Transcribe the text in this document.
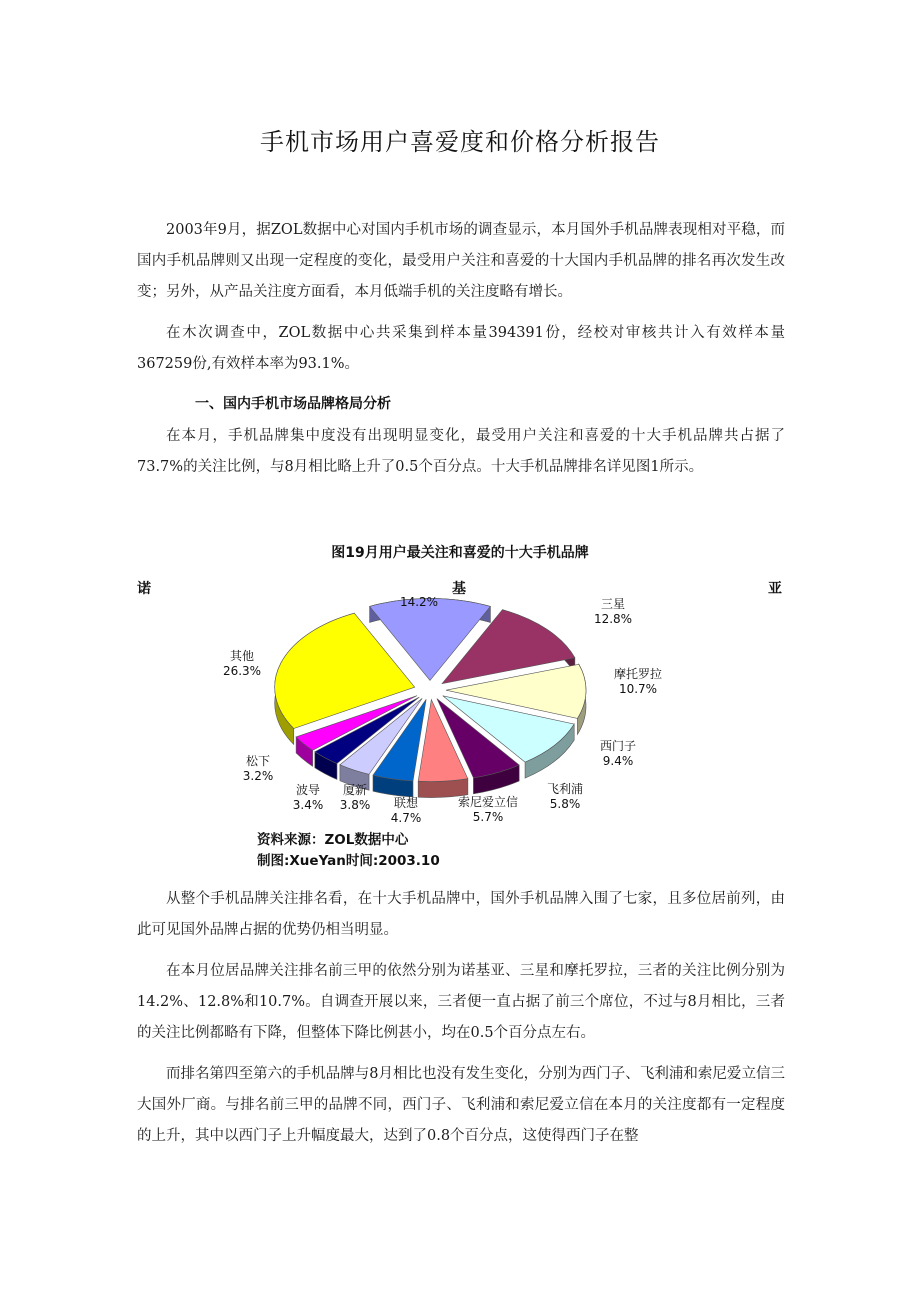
手机市场用户喜爱度和价格分析报告
2003年9月，据ZOL数据中心对国内手机市场的调查显示，本月国外手机品牌表现相对平稳，而国内手机品牌则又出现一定程度的变化，最受用户关注和喜爱的十大国内手机品牌的排名再次发生改变；另外，从产品关注度方面看，本月低端手机的关注度略有增长。
在木次调查中，ZOL数据中心共采集到样本量394391份，经校对审核共计入有效样本量367259份,有效样本率为93.1%。
一、国内手机市场品牌格局分析
在本月，手机品牌集中度没有出现明显变化，最受用户关注和喜爱的十大手机品牌共占据了73.7%的关注比例，与8月相比略上升了0.5个百分点。十大手机品牌排名详见图1所示。
图19月用户最关注和喜爱的十大手机品牌
诺	基	亚
14.2%	三星
12.8%
摩托罗拉
10.7%
西门子
9.4%
飞利浦
5.8%
索尼爱立信
5.7%
联想
4.7%
厦新
3.8%
波导
3.4%
松下
3.2%
其他
26.3%
资料来源：ZOL数据中心
制图:XueYan时间:2003.10
从整个手机品牌关注排名看，在十大手机品牌中，国外手机品牌入围了七家，且多位居前列，由此可见国外品牌占据的优势仍相当明显。
在本月位居品牌关注排名前三甲的依然分别为诺基亚、三星和摩托罗拉，三者的关注比例分别为14.2%、12.8%和10.7%。自调查开展以来，三者便一直占据了前三个席位，不过与8月相比，三者的关注比例都略有下降，但整体下降比例甚小，均在0.5个百分点左右。
而排名第四至第六的手机品牌与8月相比也没有发生变化，分别为西门子、飞利浦和索尼爱立信三大国外厂商。与排名前三甲的品牌不同，西门子、飞利浦和索尼爱立信在本月的关注度都有一定程度的上升，其中以西门子上升幅度最大，达到了0.8个百分点，这使得西门子在整
